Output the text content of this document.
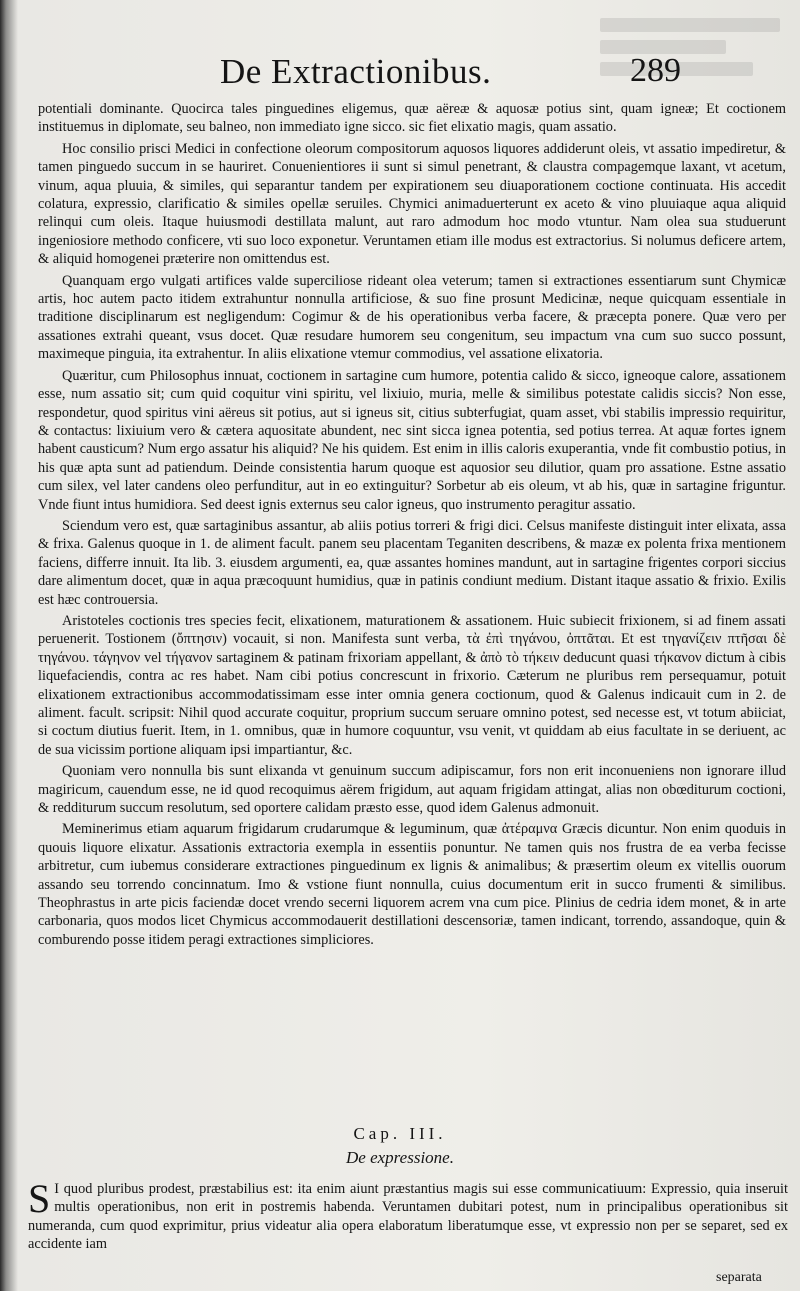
De Extractionibus.	289

potentiali dominante. Quocirca tales pinguedines eligemus, quæ aëreæ & aquosæ potius sint, quam igneæ; Et coctionem instituemus in diplomate, seu balneo, non immediato igne sicco. sic fiet elixatio magis, quam assatio.

Hoc consilio prisci Medici in confectione oleorum compositorum aquosos liquores addiderunt oleis, vt assatio impediretur, & tamen pinguedo succum in se hauriret. Conuenientiores ii sunt si simul penetrant, & claustra compagemque laxant, vt acetum, vinum, aqua pluuia, & similes, qui separantur tandem per expirationem seu diuaporationem coctione continuata. His accedit colatura, expressio, clarificatio & similes opellæ seruiles. Chymici animaduerterunt ex aceto & vino pluuiaque aqua aliquid relinqui cum oleis. Itaque huiusmodi destillata malunt, aut raro admodum hoc modo vtuntur. Nam olea sua studuerunt ingeniosiore methodo conficere, vti suo loco exponetur. Veruntamen etiam ille modus est extractorius. Si nolumus deficere artem, & aliquid homogenei præterire non omittendus est.

Quanquam ergo vulgati artifices valde superciliose rideant olea veterum; tamen si extractiones essentiarum sunt Chymicæ artis, hoc autem pacto itidem extrahuntur nonnulla artificiose, & suo fine prosunt Medicinæ, neque quicquam essentiale in traditione disciplinarum est negligendum: Cogimur & de his operationibus verba facere, & præcepta ponere. Quæ vero per assationes extrahi queant, vsus docet. Quæ resudare humorem seu congenitum, seu impactum vna cum suo succo possunt, maximeque pinguia, ita extrahentur. In aliis elixatione vtemur commodius, vel assatione elixatoria.

Quæritur, cum Philosophus innuat, coctionem in sartagine cum humore, potentia calido & sicco, igneoque calore, assationem esse, num assatio sit; cum quid coquitur vini spiritu, vel lixiuio, muria, melle & similibus potestate calidis siccis? Non esse, respondetur, quod spiritus vini aëreus sit potius, aut si igneus sit, citius subterfugiat, quam asset, vbi stabilis impressio requiritur, & contactus: lixiuium vero & cætera aquositate abundent, nec sint sicca ignea potentia, sed potius terrea. At aquæ fortes ignem habent causticum? Num ergo assatur his aliquid? Ne his quidem. Est enim in illis caloris exuperantia, vnde fit combustio potius, in his quæ apta sunt ad patiendum. Deinde consistentia harum quoque est aquosior seu dilutior, quam pro assatione. Estne assatio cum silex, vel later candens oleo perfunditur, aut in eo extinguitur? Sorbetur ab eis oleum, vt ab his, quæ in sartagine friguntur. Vnde fiunt intus humidiora. Sed deest ignis externus seu calor igneus, quo instrumento peragitur assatio.

Sciendum vero est, quæ sartaginibus assantur, ab aliis potius torreri & frigi dici. Celsus manifeste distinguit inter elixata, assa & frixa. Galenus quoque in 1. de aliment facult. panem seu placentam Teganiten describens, & mazæ ex polenta frixa mentionem faciens, differre innuit. Ita lib. 3. eiusdem argumenti, ea, quæ assantes homines mandunt, aut in sartagine frigentes corpori siccius dare alimentum docet, quæ in aqua præcoquunt humidius, quæ in patinis condiunt medium. Distant itaque assatio & frixio. Exilis est hæc controuersia.

Aristoteles coctionis tres species fecit, elixationem, maturationem & assationem. Huic subiecit frixionem, si ad finem assati peruenerit. Tostionem (ὄπτησιν) vocauit, si non. Manifesta sunt verba, τὰ ἐπὶ τηγάνου, ὀπτᾶται. Et est τηγανίζειν πτῆσαι δὲ τηγάνου. τάγηνον vel τήγανον sartaginem & patinam frixoriam appellant, & ἀπὸ τὸ τήκειν deducunt quasi τήκανον dictum à cibis liquefaciendis, contra ac res habet. Nam cibi potius concrescunt in frixorio. Cæterum ne pluribus rem persequamur, potuit elixationem extractionibus accommodatissimam esse inter omnia genera coctionum, quod & Galenus indicauit cum in 2. de aliment. facult. scripsit: Nihil quod accurate coquitur, proprium succum seruare omnino potest, sed necesse est, vt totum abiiciat, si coctum diutius fuerit. Item, in 1. omnibus, quæ in humore coquuntur, vsu venit, vt quiddam ab eius facultate in se deriuent, ac de sua vicissim portione aliquam ipsi impartiantur, &c.

Quoniam vero nonnulla bis sunt elixanda vt genuinum succum adipiscamur, fors non erit inconueniens non ignorare illud magiricum, cauendum esse, ne id quod recoquimus aërem frigidum, aut aquam frigidam attingat, alias non obœditurum coctioni, & redditurum succum resolutum, sed oportere calidam præsto esse, quod idem Galenus admonuit.

Meminerimus etiam aquarum frigidarum crudarumque & leguminum, quæ ἀτέραμνα Græcis dicuntur. Non enim quoduis in quouis liquore elixatur. Assationis extractoria exempla in essentiis ponuntur. Ne tamen quis nos frustra de ea verba fecisse arbitretur, cum iubemus considerare extractiones pinguedinum ex lignis & animalibus; & præsertim oleum ex vitellis ouorum assando seu torrendo concinnatum. Imo & vstione fiunt nonnulla, cuius documentum erit in succo frumenti & similibus. Theophrastus in arte picis faciendæ docet vrendo secerni liquorem acrem vna cum pice. Plinius de cedria idem monet, & in arte carbonaria, quos modos licet Chymicus accommodauerit destillationi descensoriæ, tamen indicant, torrendo, assandoque, quin & comburendo posse itidem peragi extractiones simpliciores.

Cap. III.
De expressione.
S I quod pluribus prodest, præstabilius est: ita enim aiunt præstantius magis sui esse communicatiuum: Expressio, quia inseruit multis operationibus, non erit in postremis habenda. Veruntamen dubitari potest, num in principalibus operationibus sit numeranda, cum quod exprimitur, prius videatur alia opera elaboratum liberatumque esse, vt expressio non per se separet, sed ex accidente iam
separata
